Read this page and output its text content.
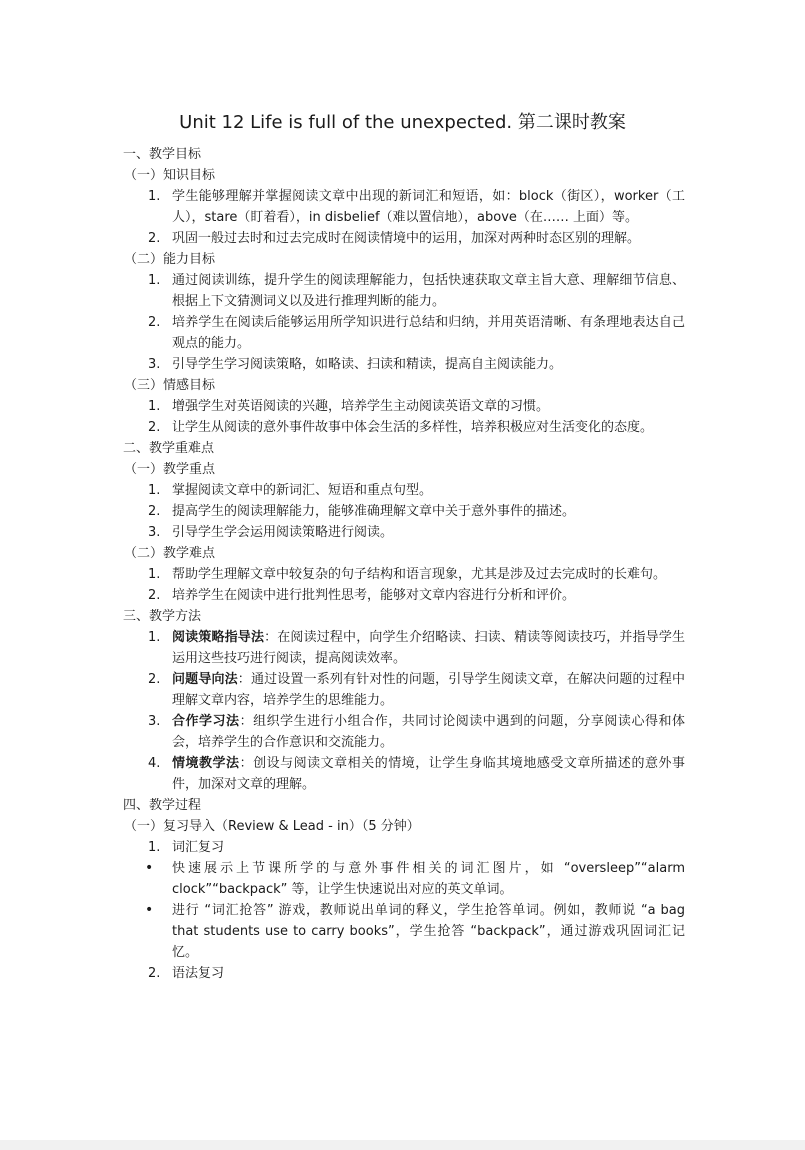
Unit 12 Life is full of the unexpected. 第二课时教案
一、教学目标
（一）知识目标
1. 学生能够理解并掌握阅读文章中出现的新词汇和短语，如：block（街区），worker（工人），stare（盯着看），in disbelief（难以置信地），above（在…… 上面）等。
2. 巩固一般过去时和过去完成时在阅读情境中的运用，加深对两种时态区别的理解。
（二）能力目标
1. 通过阅读训练，提升学生的阅读理解能力，包括快速获取文章主旨大意、理解细节信息、根据上下文猜测词义以及进行推理判断的能力。
2. 培养学生在阅读后能够运用所学知识进行总结和归纳，并用英语清晰、有条理地表达自己观点的能力。
3. 引导学生学习阅读策略，如略读、扫读和精读，提高自主阅读能力。
（三）情感目标
1. 增强学生对英语阅读的兴趣，培养学生主动阅读英语文章的习惯。
2. 让学生从阅读的意外事件故事中体会生活的多样性，培养积极应对生活变化的态度。
二、教学重难点
（一）教学重点
1. 掌握阅读文章中的新词汇、短语和重点句型。
2. 提高学生的阅读理解能力，能够准确理解文章中关于意外事件的描述。
3. 引导学生学会运用阅读策略进行阅读。
（二）教学难点
1. 帮助学生理解文章中较复杂的句子结构和语言现象，尤其是涉及过去完成时的长难句。
2. 培养学生在阅读中进行批判性思考，能够对文章内容进行分析和评价。
三、教学方法
1. 阅读策略指导法：在阅读过程中，向学生介绍略读、扫读、精读等阅读技巧，并指导学生运用这些技巧进行阅读，提高阅读效率。
2. 问题导向法：通过设置一系列有针对性的问题，引导学生阅读文章，在解决问题的过程中理解文章内容，培养学生的思维能力。
3. 合作学习法：组织学生进行小组合作，共同讨论阅读中遇到的问题，分享阅读心得和体会，培养学生的合作意识和交流能力。
4. 情境教学法：创设与阅读文章相关的情境，让学生身临其境地感受文章所描述的意外事件，加深对文章的理解。
四、教学过程
（一）复习导入（Review & Lead - in）（5 分钟）
1. 词汇复习
• 快速展示上节课所学的与意外事件相关的词汇图片，如 “oversleep”“alarm clock”“backpack” 等，让学生快速说出对应的英文单词。
• 进行 “词汇抢答” 游戏，教师说出单词的释义，学生抢答单词。例如，教师说 “a bag that students use to carry books”，学生抢答 “backpack”，通过游戏巩固词汇记忆。
2. 语法复习
